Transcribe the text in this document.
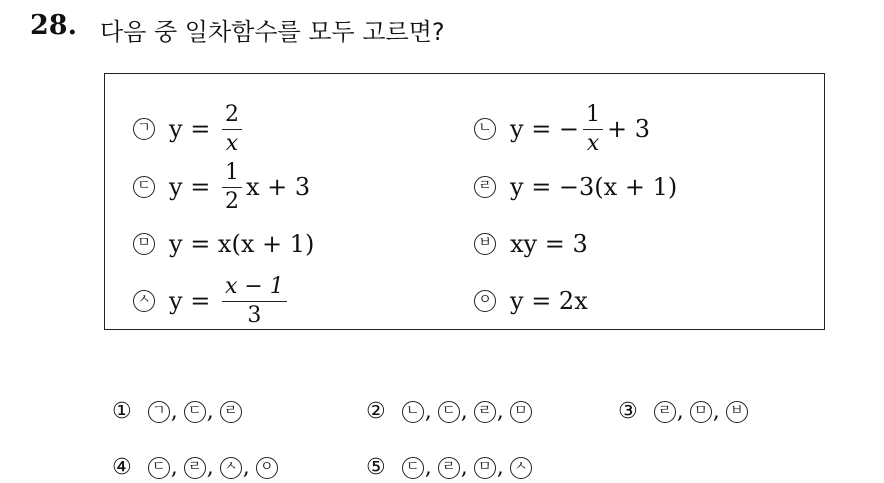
28. 다음 중 일차함수를 모두 고르면?
ㄱ $y = \frac{2}{x}$	ㄴ y = − $\frac{1}{x} + 3$
ㄷ $y = \frac{1}{2}$ x + 3	ㄹ y = −3(x + 1)
ㅁ y = x(x + 1)	ㅂ xy = 3
ㅅ $y = \frac{x - 1}{3}$	ㅇ y = 2x
①	ㄱ , ㄷ , ㄹ	②	ㄴ , ㄷ , ㄹ , ㅁ	③	ㄹ , ㅁ , ㅂ
④	ㄷ , ㄹ , ㅅ , ㅇ	⑤	ㄷ , ㄹ , ㅁ , ㅅ
